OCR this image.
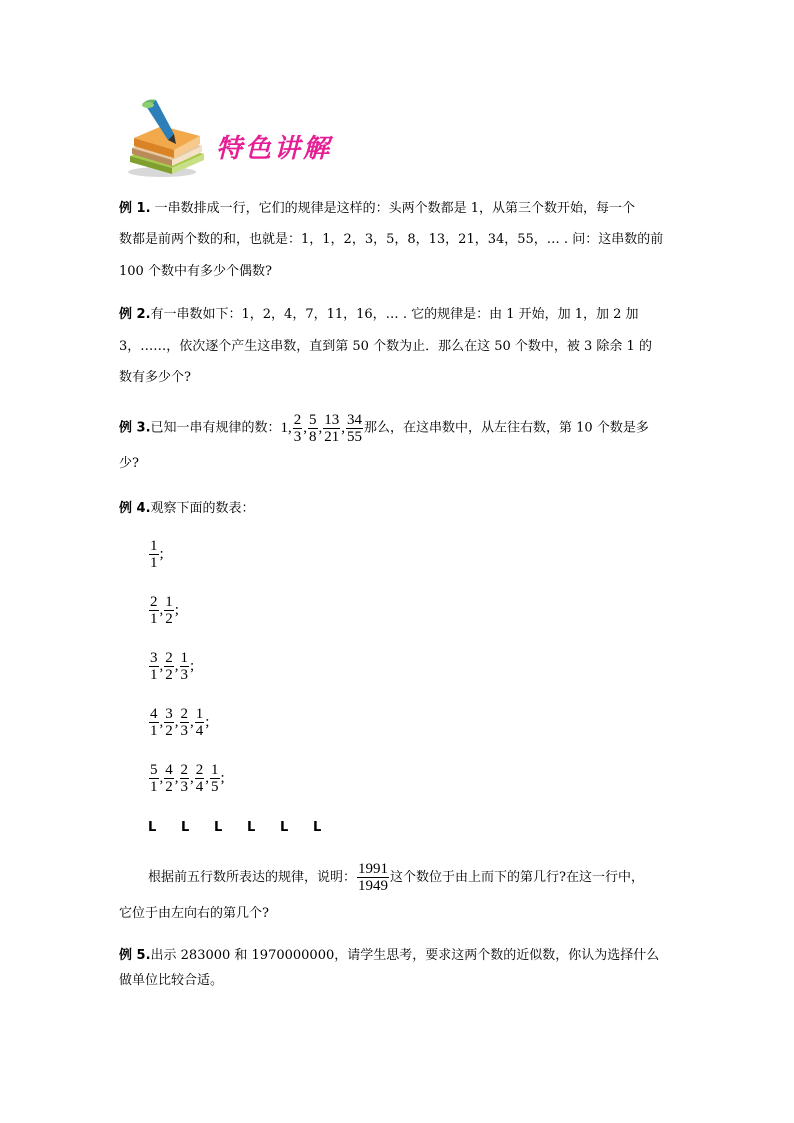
特色讲解
例 1. 一串数排成一行，它们的规律是这样的：头两个数都是 1，从第三个数开始，每一个
数都是前两个数的和，也就是：1，1，2，3，5，8，13，21，34，55，… . 问：这串数的前
100 个数中有多少个偶数?
例 2.有一串数如下：1，2，4，7，11，16，… . 它的规律是：由 1 开始，加 1，加 2 加
3，……，依次逐个产生这串数，直到第 50 个数为止．那么在这 50 个数中，被 3 除余 1 的
数有多少个?
例 3.已知一串有规律的数：1, $\frac{2}{3}$ , $\frac{5}{8}$ , $\frac{13}{21}$ , $\frac{34}{55}$ 那么，在这串数中，从左往右数，第 10 个数是多
少?
例 4.观察下面的数表：
$\frac{1}{1}$ ;
$\frac{2}{1}$ , $\frac{1}{2}$ ;
$\frac{3}{1}$ , $\frac{2}{2}$ , $\frac{1}{3}$ ;
$\frac{4}{1}$ , $\frac{3}{2}$ , $\frac{2}{3}$ , $\frac{1}{4}$ ;
$\frac{5}{1}$ , $\frac{4}{2}$ , $\frac{2}{3}$ , $\frac{2}{4}$ , $\frac{1}{5}$ ;
L L L L L L
根据前五行数所表达的规律，说明： $\frac{1991}{1949}$ 这个数位于由上而下的第几行?在这一行中，
它位于由左向右的第几个?
例 5.出示 283000 和 1970000000，请学生思考，要求这两个数的近似数，你认为选择什么
做单位比较合适。
